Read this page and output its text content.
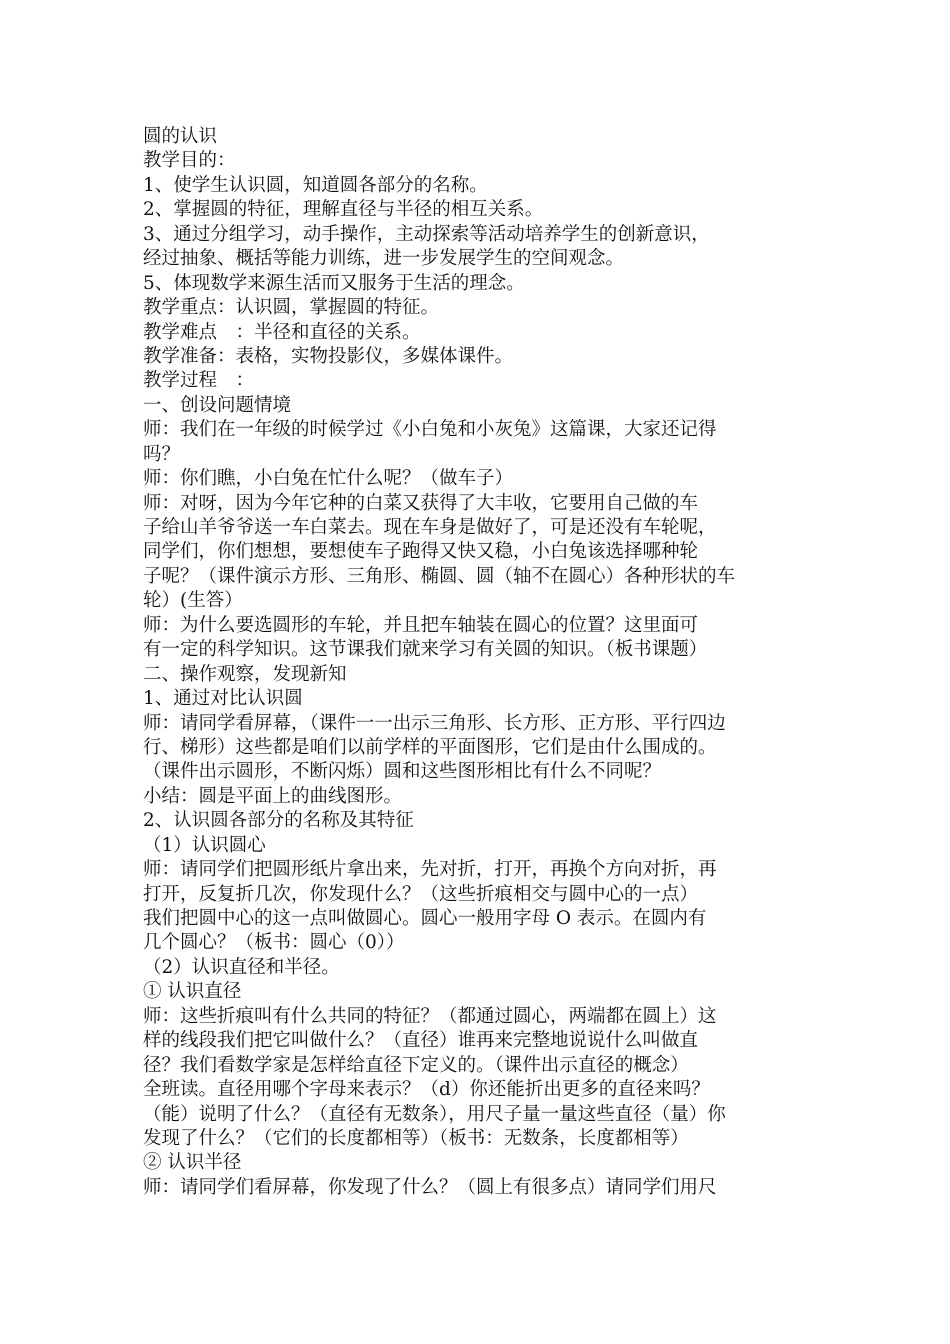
圆的认识
教学目的：
1、使学生认识圆，知道圆各部分的名称。
2、掌握圆的特征，理解直径与半径的相互关系。
3、通过分组学习，动手操作，主动探索等活动培养学生的创新意识，
经过抽象、概括等能力训练，进一步发展学生的空间观念。
5、体现数学来源生活而又服务于生活的理念。
教学重点：认识圆，掌握圆的特征。
教学难点　：半径和直径的关系。
教学准备：表格，实物投影仪，多媒体课件。
教学过程　：
一、创设问题情境
师：我们在一年级的时候学过《小白兔和小灰兔》这篇课，大家还记得
吗？
师：你们瞧，小白兔在忙什么呢？（做车子）
师：对呀，因为今年它种的白菜又获得了大丰收，它要用自己做的车
子给山羊爷爷送一车白菜去。现在车身是做好了，可是还没有车轮呢，
同学们，你们想想，要想使车子跑得又快又稳，小白兔该选择哪种轮
子呢？（课件演示方形、三角形、椭圆、圆（轴不在圆心）各种形状的车
轮）(生答）
师：为什么要选圆形的车轮，并且把车轴装在圆心的位置？这里面可
有一定的科学知识。这节课我们就来学习有关圆的知识。（板书课题）
二、操作观察，发现新知
1、通过对比认识圆
师：请同学看屏幕，（课件一一出示三角形、长方形、正方形、平行四边
行、梯形）这些都是咱们以前学样的平面图形，它们是由什么围成的。
（课件出示圆形，不断闪烁）圆和这些图形相比有什么不同呢？
小结：圆是平面上的曲线图形。
2、认识圆各部分的名称及其特征
（1）认识圆心
师：请同学们把圆形纸片拿出来，先对折，打开，再换个方向对折，再
打开，反复折几次，你发现什么？（这些折痕相交与圆中心的一点）
我们把圆中心的这一点叫做圆心。圆心一般用字母 O 表示。在圆内有
几个圆心？（板书：圆心（0））
（2）认识直径和半径。
① 认识直径
师：这些折痕叫有什么共同的特征？（都通过圆心，两端都在圆上）这
样的线段我们把它叫做什么？（直径）谁再来完整地说说什么叫做直
径？我们看数学家是怎样给直径下定义的。（课件出示直径的概念）
全班读。直径用哪个字母来表示？（d）你还能折出更多的直径来吗？
（能）说明了什么？（直径有无数条），用尺子量一量这些直径（量）你
发现了什么？（它们的长度都相等）（板书：无数条，长度都相等）
② 认识半径
师：请同学们看屏幕，你发现了什么？（圆上有很多点）请同学们用尺
